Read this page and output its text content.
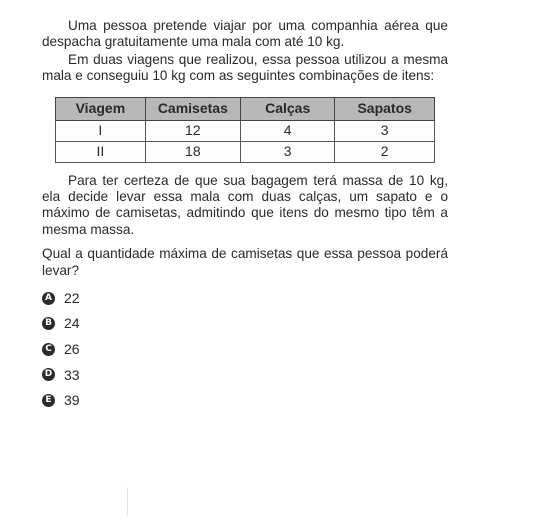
Uma pessoa pretende viajar por uma companhia aérea que despacha gratuitamente uma mala com até 10 kg.

Em duas viagens que realizou, essa pessoa utilizou a mesma mala e conseguiu 10 kg com as seguintes combinações de itens:

Viagem	Camisetas	Calças	Sapatos
I	12	4	3
II	18	3	2

Para ter certeza de que sua bagagem terá massa de 10 kg, ela decide levar essa mala com duas calças, um sapato e o máximo de camisetas, admitindo que itens do mesmo tipo têm a mesma massa.

Qual a quantidade máxima de camisetas que essa pessoa poderá levar?

A 22
B 24
C 26
D 33
E 39
